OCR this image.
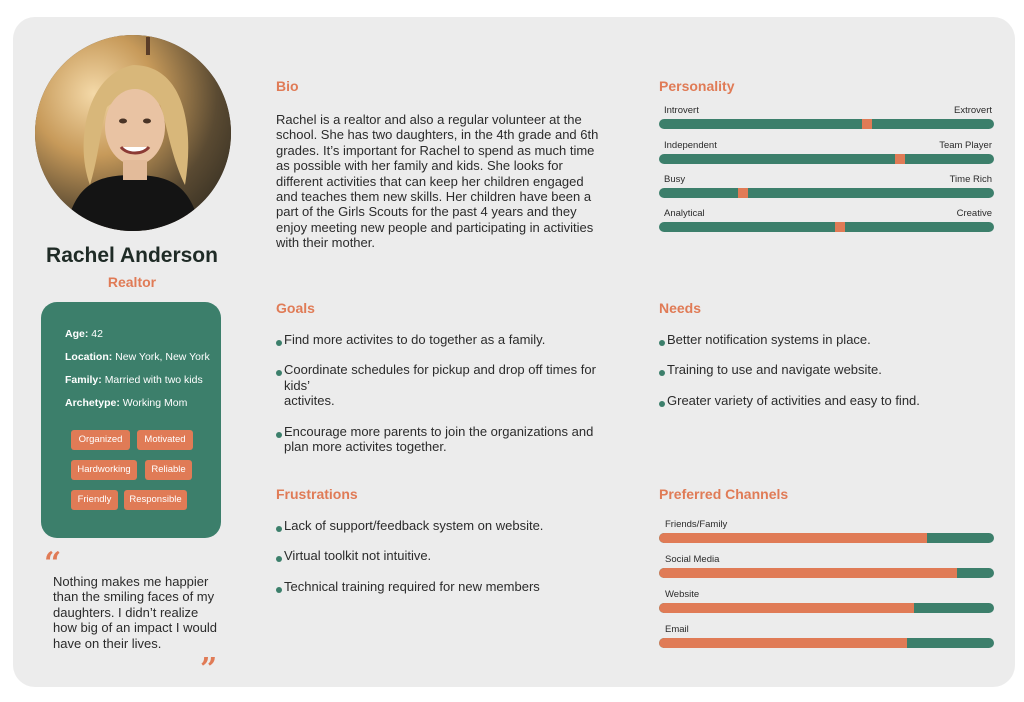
Rachel Anderson
Realtor
Age: 42
Location: New York, New York
Family: Married with two kids
Archetype: Working Mom
Organized	Motivated
Hardworking	Reliable
Friendly	Responsible
“
Nothing makes me happier than the smiling faces of my daughters. I didn’t realize how big of an impact I would have on their lives.
”
Bio
Rachel is a realtor and also a regular volunteer at the school. She has two daughters, in the 4th grade and 6th grades. It’s important for Rachel to spend as much time as possible with her family and kids. She looks for different activities that can keep her children engaged and teaches them new skills. Her children have been a part of the Girls Scouts for the past 4 years and they enjoy meeting new people and participating in activities with their mother.
Personality
Introvert	Extrovert
Independent	Team Player
Busy	Time Rich
Analytical	Creative
Goals
Find more activites to do together as a family.
Coordinate schedules for pickup and drop off times for kids’
activites.
Encourage more parents to join the organizations and plan more activites together.
Needs
Better notification systems in place.
Training to use and navigate website.
Greater variety of activities and easy to find.
Frustrations
Lack of support/feedback system on website.
Virtual toolkit not intuitive.
Technical training required for new members
Preferred Channels
Friends/Family
Social Media
Website
Email
